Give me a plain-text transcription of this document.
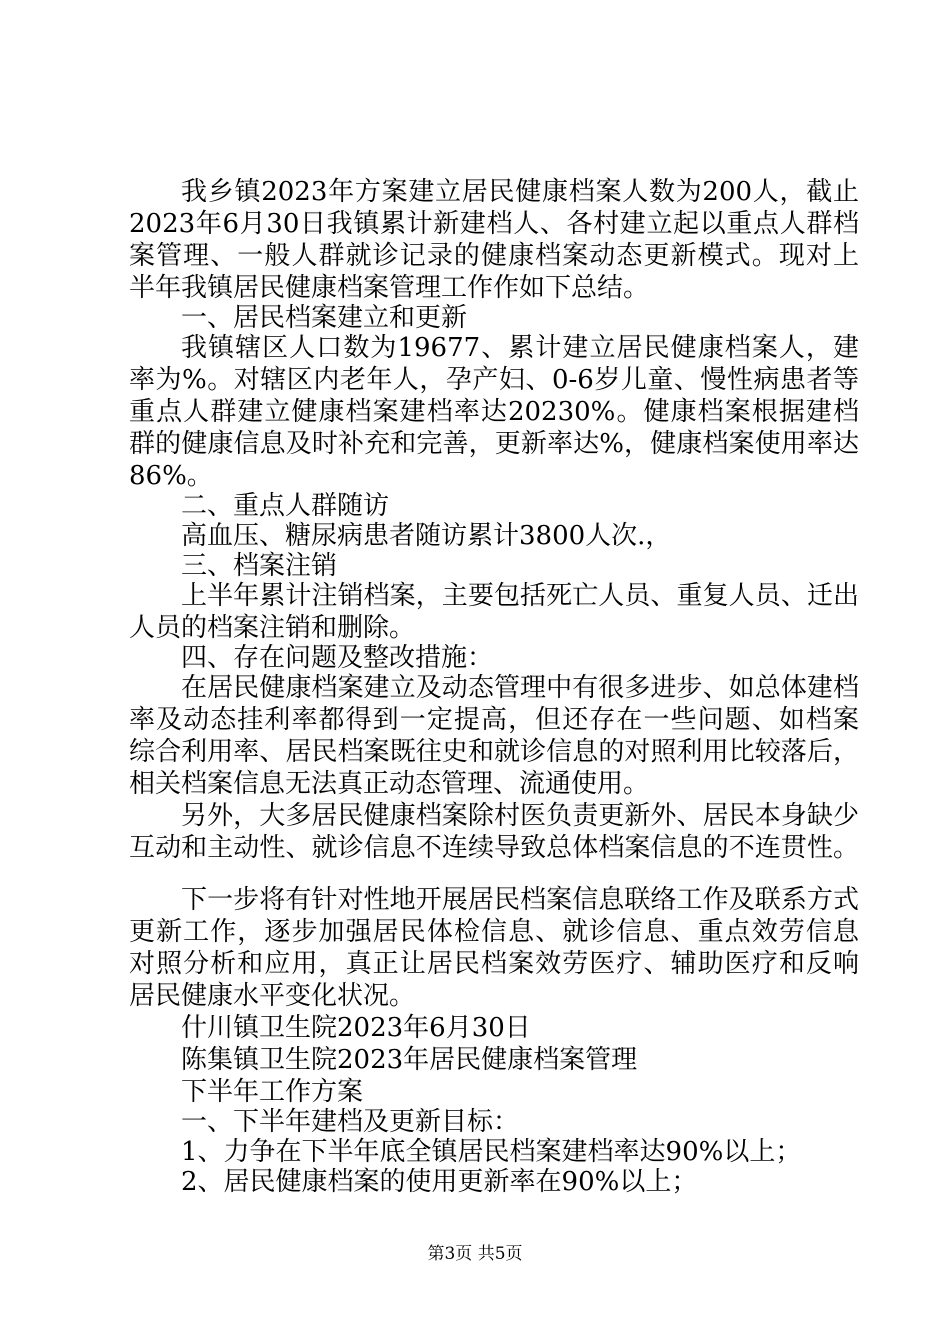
我乡镇2023年方案建立居民健康档案人数为200人，截止
2023年6月30日我镇累计新建档人、各村建立起以重点人群档
案管理、一般人群就诊记录的健康档案动态更新模式。现对上
半年我镇居民健康档案管理工作作如下总结。
一、居民档案建立和更新
我镇辖区人口数为19677、累计建立居民健康档案人，建
率为%。对辖区内老年人，孕产妇、0-6岁儿童、慢性病患者等
重点人群建立健康档案建档率达20230%。健康档案根据建档
群的健康信息及时补充和完善，更新率达%，健康档案使用率达
86%。
二、重点人群随访
高血压、糖尿病患者随访累计3800人次.，
三、档案注销
上半年累计注销档案，主要包括死亡人员、重复人员、迁出
人员的档案注销和删除。
四、存在问题及整改措施：
在居民健康档案建立及动态管理中有很多进步、如总体建档
率及动态挂利率都得到一定提高，但还存在一些问题、如档案
综合利用率、居民档案既往史和就诊信息的对照利用比较落后，
相关档案信息无法真正动态管理、流通使用。
另外，大多居民健康档案除村医负责更新外、居民本身缺少
互动和主动性、就诊信息不连续导致总体档案信息的不连贯性。
下一步将有针对性地开展居民档案信息联络工作及联系方式
更新工作，逐步加强居民体检信息、就诊信息、重点效劳信息
对照分析和应用，真正让居民档案效劳医疗、辅助医疗和反响
居民健康水平变化状况。
什川镇卫生院2023年6月30日
陈集镇卫生院2023年居民健康档案管理
下半年工作方案
一、下半年建档及更新目标：
1、力争在下半年底全镇居民档案建档率达90%以上；
2、居民健康档案的使用更新率在90%以上；
第3页 共5页
